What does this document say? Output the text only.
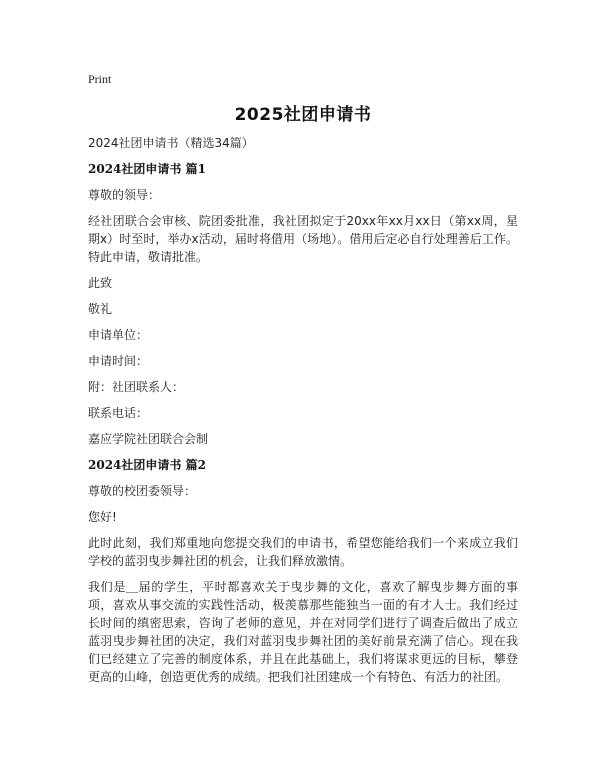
Print
2025社团申请书

2024社团申请书（精选34篇）

2024社团申请书 篇1

尊敬的领导：

经社团联合会审核、院团委批准，我社团拟定于20xx年xx月xx日（第xx周，星期x）时至时，举办x活动，届时将借用（场地）。借用后定必自行处理善后工作。特此申请，敬请批准。

此致

敬礼

申请单位：

申请时间：

附：社团联系人：

联系电话：

嘉应学院社团联合会制

2024社团申请书 篇2

尊敬的校团委领导：

您好!

此时此刻，我们郑重地向您提交我们的申请书，希望您能给我们一个来成立我们学校的蓝羽曳步舞社团的机会，让我们释放激情。

我们是＿届的学生，平时都喜欢关于曳步舞的文化，喜欢了解曳步舞方面的事项，喜欢从事交流的实践性活动，极羡慕那些能独当一面的有才人士。我们经过长时间的缜密思索，咨询了老师的意见，并在对同学们进行了调查后做出了成立蓝羽曳步舞社团的决定，我们对蓝羽曳步舞社团的美好前景充满了信心。现在我们已经建立了完善的制度体系，并且在此基础上，我们将谋求更远的目标，攀登更高的山峰，创造更优秀的成绩。把我们社团建成一个有特色、有活力的社团。
